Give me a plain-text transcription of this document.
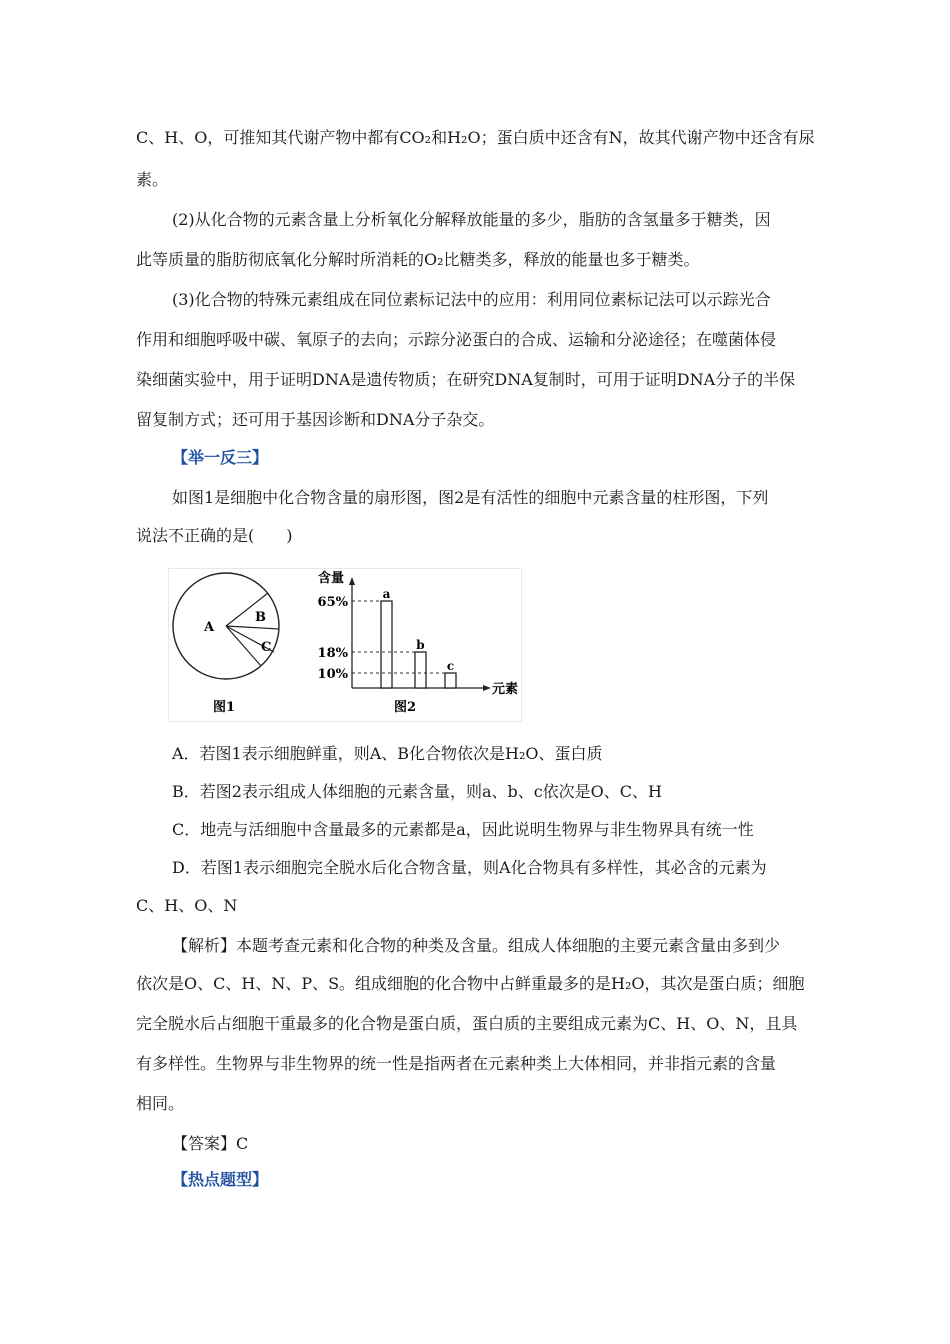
C、H、O，可推知其代谢产物中都有CO₂和H₂O；蛋白质中还含有N，故其代谢产物中还含有尿
素。
(2)从化合物的元素含量上分析氧化分解释放能量的多少，脂肪的含氢量多于糖类，因
此等质量的脂肪彻底氧化分解时所消耗的O₂比糖类多，释放的能量也多于糖类。
(3)化合物的特殊元素组成在同位素标记法中的应用：利用同位素标记法可以示踪光合
作用和细胞呼吸中碳、氧原子的去向；示踪分泌蛋白的合成、运输和分泌途径；在噬菌体侵
染细菌实验中，用于证明DNA是遗传物质；在研究DNA复制时，可用于证明DNA分子的半保
留复制方式；还可用于基因诊断和DNA分子杂交。
【举一反三】
如图1是细胞中化合物含量的扇形图，图2是有活性的细胞中元素含量的柱形图，下列
说法不正确的是(　　)
A
B
C
图1
含量
元素
图2
65%
a
18%
b
10%
c
A．若图1表示细胞鲜重，则A、B化合物依次是H₂O、蛋白质
B．若图2表示组成人体细胞的元素含量，则a、b、c依次是O、C、H
C．地壳与活细胞中含量最多的元素都是a，因此说明生物界与非生物界具有统一性
D．若图1表示细胞完全脱水后化合物含量，则A化合物具有多样性，其必含的元素为
C、H、O、N
【解析】本题考查元素和化合物的种类及含量。组成人体细胞的主要元素含量由多到少
依次是O、C、H、N、P、S。组成细胞的化合物中占鲜重最多的是H₂O，其次是蛋白质；细胞
完全脱水后占细胞干重最多的化合物是蛋白质，蛋白质的主要组成元素为C、H、O、N，且具
有多样性。生物界与非生物界的统一性是指两者在元素种类上大体相同，并非指元素的含量
相同。
【答案】C
【热点题型】
